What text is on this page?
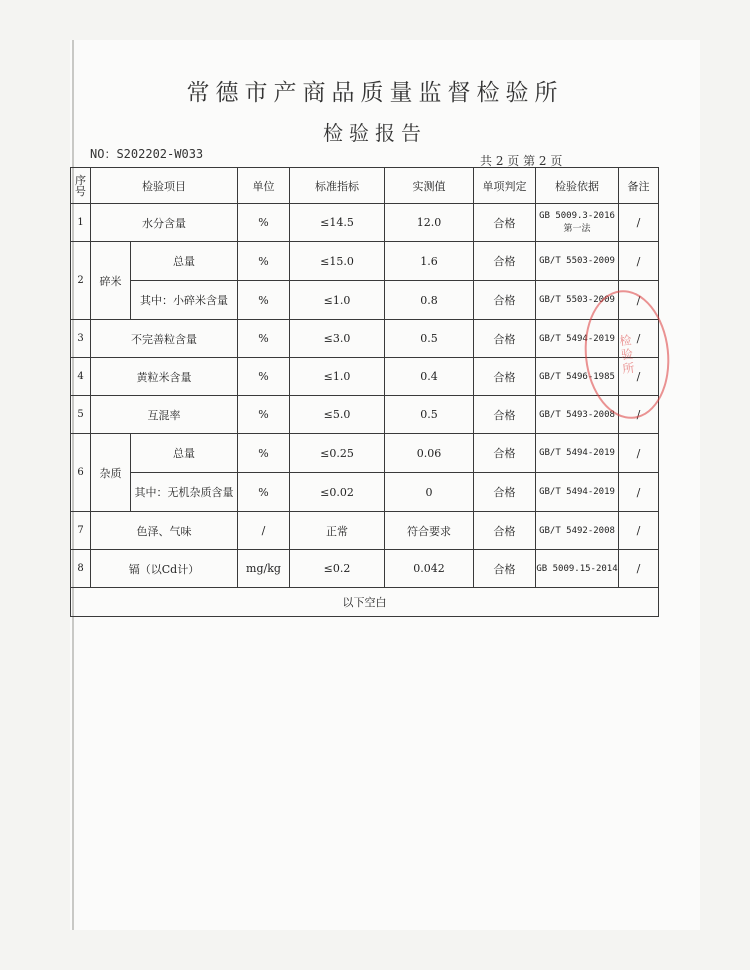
常德市产商品质量监督检验所
检验报告
NO：S202202-W033	共 2 页 第 2 页
序号	检验项目		单位	标准指标	实测值	单项判定	检验依据	备注
1	水分含量		%	≤14.5	12.0	合格	GB 5009.3-2016 第一法	/
2	碎米	总量	%	≤15.0	1.6	合格	GB/T 5503-2009	/
		其中：小碎米含量	%	≤1.0	0.8	合格	GB/T 5503-2009	/
3	不完善粒含量		%	≤3.0	0.5	合格	GB/T 5494-2019	/
4	黄粒米含量		%	≤1.0	0.4	合格	GB/T 5496-1985	/
5	互混率		%	≤5.0	0.5	合格	GB/T 5493-2008	/
6	杂质	总量	%	≤0.25	0.06	合格	GB/T 5494-2019	/
		其中：无机杂质含量	%	≤0.02	0	合格	GB/T 5494-2019	/
7	色泽、气味		/	正常	符合要求	合格	GB/T 5492-2008	/
8	镉（以Cd计）		mg/kg	≤0.2	0.042	合格	GB 5009.15-2014	/
以下空白								
检验所
